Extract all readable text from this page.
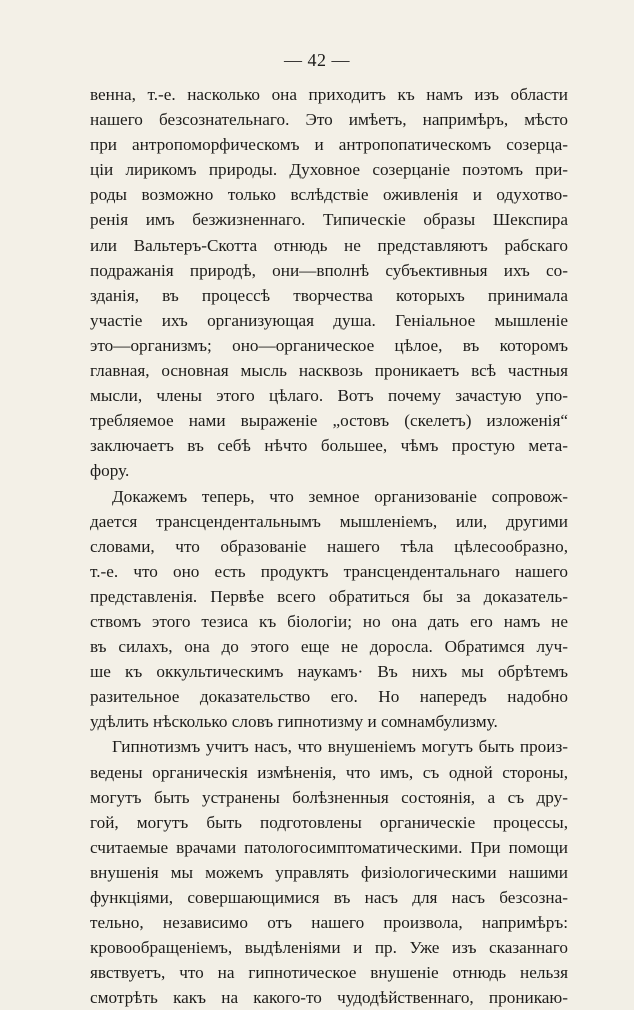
— 42 —
венна, т.-е. насколько она приходитъ къ намъ изъ области
нашего безсознательнаго. Это имѣетъ, напримѣръ, мѣсто
при антропоморфическомъ и антропопатическомъ созерца-
ціи лирикомъ природы. Духовное созерцаніе поэтомъ при-
роды возможно только вслѣдствіе оживленія и одухотво-
ренія имъ безжизненнаго. Типическіе образы Шекспира
или Вальтеръ-Скотта отнюдь не представляютъ рабскаго
подражанія природѣ, они—вполнѣ субъективныя ихъ со-
зданія, въ процессѣ творчества которыхъ принимала
участіе ихъ организующая душа. Геніальное мышленіе
это—организмъ; оно—органическое цѣлое, въ которомъ
главная, основная мысль насквозь проникаетъ всѣ частныя
мысли, члены этого цѣлаго. Вотъ почему зачастую упо-
требляемое нами выраженіе „остовъ (скелетъ) изложенія“
заключаетъ въ себѣ нѣчто большее, чѣмъ простую мета-
фору.
Докажемъ теперь, что земное организованіе сопровож-
дается трансцендентальнымъ мышленіемъ, или, другими
словами, что образованіе нашего тѣла цѣлесообразно,
т.-е. что оно есть продуктъ трансцендентальнаго нашего
представленія. Первѣе всего обратиться бы за доказатель-
ствомъ этого тезиса къ біологіи; но она дать его намъ не
въ силахъ, она до этого еще не доросла. Обратимся луч-
ше къ оккультическимъ наукамъ· Въ нихъ мы обрѣтемъ
разительное доказательство его. Но напередъ надобно
удѣлить нѣсколько словъ гипнотизму и сомнамбулизму.
Гипнотизмъ учитъ насъ, что внушеніемъ могутъ быть произ-
ведены органическія измѣненія, что имъ, съ одной стороны,
могутъ быть устранены болѣзненныя состоянія, а съ дру-
гой, могутъ быть подготовлены органическіе процессы,
считаемые врачами патологосимптоматическими. При помощи
внушенія мы можемъ управлять физіологическими нашими
функціями, совершающимися въ насъ для насъ безсозна-
тельно, независимо отъ нашего произвола, напримѣръ:
кровообращеніемъ, выдѣленіями и пр. Уже изъ сказаннаго
явствуетъ, что на гипнотическое внушеніе отнюдь нельзя
смотрѣть какъ на какого-то чудодѣйственнаго, проникаю-
